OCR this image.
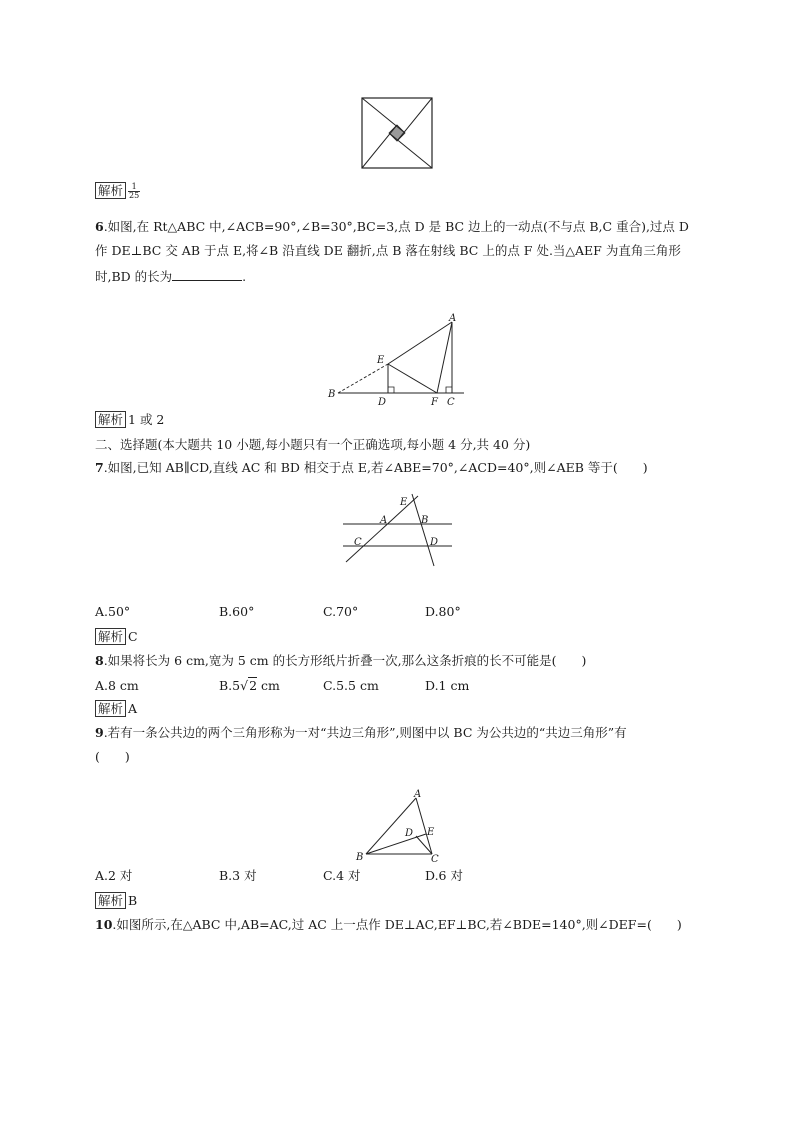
解析 $\frac{1}{25}$
6.如图,在 Rt△ABC 中,∠ACB=90°,∠B=30°,BC=3,点 D 是 BC 边上的一动点(不与点 B,C 重合),过点 D
作 DE⊥BC 交 AB 于点 E,将∠B 沿直线 DE 翻折,点 B 落在射线 BC 上的点 F 处.当△AEF 为直角三角形
时,BD 的长为	.
A
E
B
D	F C
解析 1 或 2
二、选择题(本大题共 10 小题,每小题只有一个正确选项,每小题 4 分,共 40 分)
7.如图,已知 AB∥CD,直线 AC 和 BD 相交于点 E,若∠ABE=70°,∠ACD=40°,则∠AEB 等于(　　)
E
A	B
C	D
A.50°	B.60°	C.70°	D.80°
解析 C
8.如果将长为 6 cm,宽为 5 cm 的长方形纸片折叠一次,那么这条折痕的长不可能是(　　)
A.8 cm	B.5√2 cm	C.5.5 cm	D.1 cm
解析 A
9.若有一条公共边的两个三角形称为一对“共边三角形”,则图中以 BC 为公共边的“共边三角形”有
(　　)
A
D E
B	C
A.2 对	B.3 对	C.4 对	D.6 对
解析 B
10.如图所示,在△ABC 中,AB=AC,过 AC 上一点作 DE⊥AC,EF⊥BC,若∠BDE=140°,则∠DEF=(　　)
